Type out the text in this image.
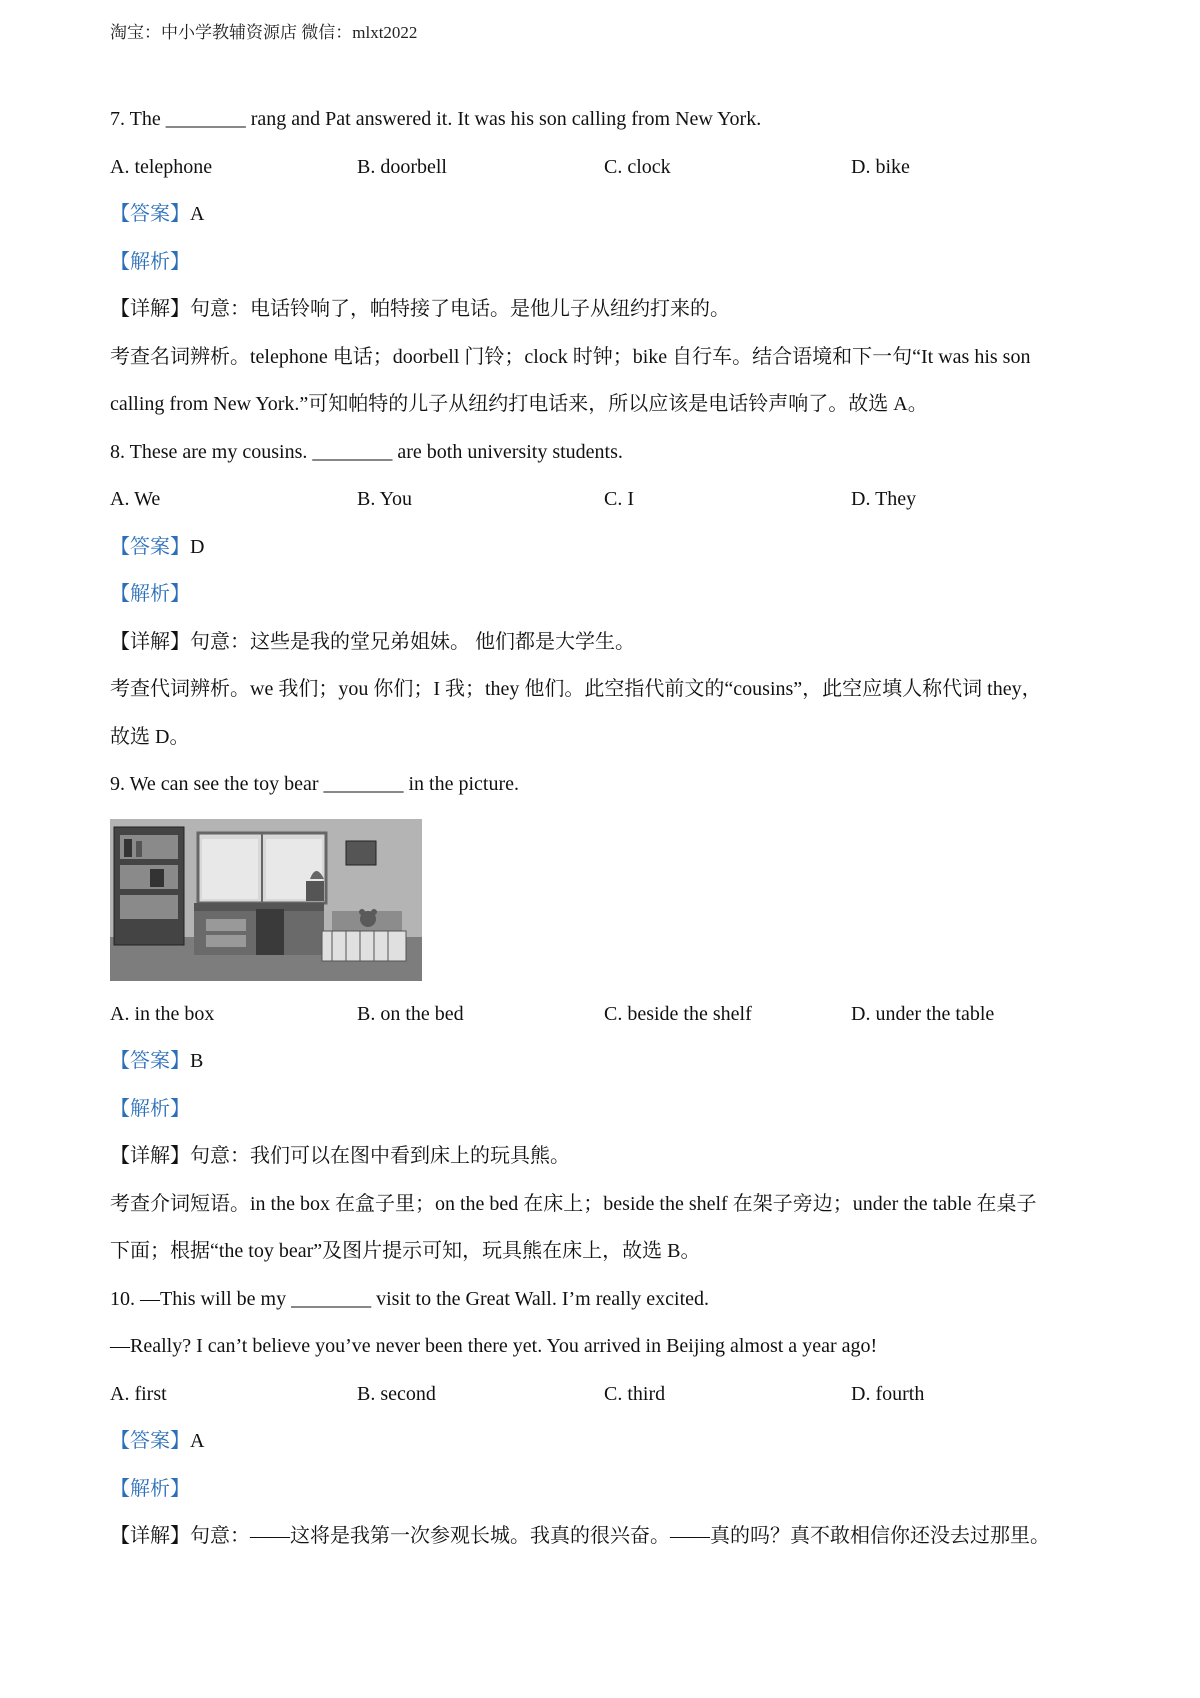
淘宝：中小学教辅资源店 微信：mlxt2022
7. The ________ rang and Pat answered it. It was his son calling from New York.
A. telephone	B. doorbell	C. clock	D. bike
【答案】A
【解析】
【详解】句意：电话铃响了，帕特接了电话。是他儿子从纽约打来的。
考查名词辨析。telephone 电话；doorbell 门铃；clock 时钟；bike 自行车。结合语境和下一句“It was his son
calling from New York.”可知帕特的儿子从纽约打电话来，所以应该是电话铃声响了。故选 A。
8. These are my cousins. ________ are both university students.
A. We	B. You	C. I	D. They
【答案】D
【解析】
【详解】句意：这些是我的堂兄弟姐妹。 他们都是大学生。
考查代词辨析。we 我们；you 你们；I 我；they 他们。此空指代前文的“cousins”，此空应填人称代词 they，
故选 D。
9. We can see the toy bear ________ in the picture.
A. in the box	B. on the bed	C. beside the shelf	D. under the table
【答案】B
【解析】
【详解】句意：我们可以在图中看到床上的玩具熊。
考查介词短语。in the box 在盒子里；on the bed 在床上；beside the shelf 在架子旁边；under the table 在桌子
下面；根据“the toy bear”及图片提示可知，玩具熊在床上，故选 B。
10. —This will be my ________ visit to the Great Wall. I’m really excited.
—Really? I can’t believe you’ve never been there yet. You arrived in Beijing almost a year ago!
A. first	B. second	C. third	D. fourth
【答案】A
【解析】
【详解】句意：——这将是我第一次参观长城。我真的很兴奋。——真的吗？真不敢相信你还没去过那里。
